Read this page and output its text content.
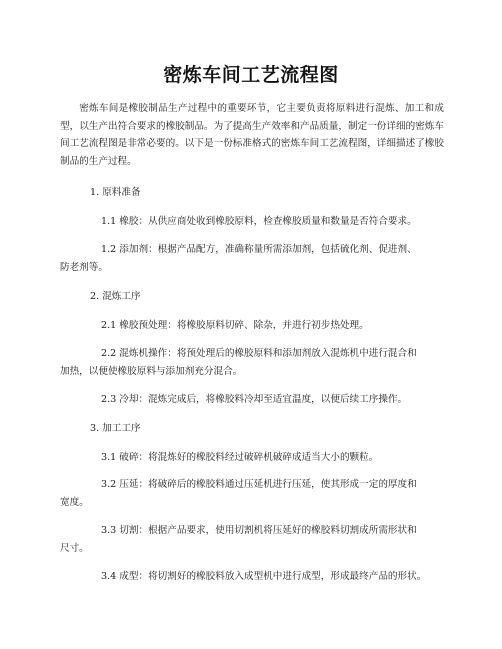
密炼车间工艺流程图
密炼车间是橡胶制品生产过程中的重要环节，它主要负责将原料进行混炼、加工和成型，以生产出符合要求的橡胶制品。为了提高生产效率和产品质量，制定一份详细的密炼车间工艺流程图是非常必要的。以下是一份标准格式的密炼车间工艺流程图，详细描述了橡胶制品的生产过程。
1. 原料准备
1.1 橡胶：从供应商处收到橡胶原料，检查橡胶质量和数量是否符合要求。
1.2 添加剂：根据产品配方，准确称量所需添加剂，包括硫化剂、促进剂、
防老剂等。
2. 混炼工序
2.1 橡胶预处理：将橡胶原料切碎、除杂，并进行初步热处理。
2.2 混炼机操作：将预处理后的橡胶原料和添加剂放入混炼机中进行混合和
加热，以便使橡胶原料与添加剂充分混合。
2.3 冷却：混炼完成后，将橡胶料冷却至适宜温度，以便后续工序操作。
3. 加工工序
3.1 破碎：将混炼好的橡胶料经过破碎机破碎成适当大小的颗粒。
3.2 压延：将破碎后的橡胶料通过压延机进行压延，使其形成一定的厚度和
宽度。
3.3 切割：根据产品要求，使用切割机将压延好的橡胶料切割成所需形状和
尺寸。
3.4 成型：将切割好的橡胶料放入成型机中进行成型，形成最终产品的形状。
